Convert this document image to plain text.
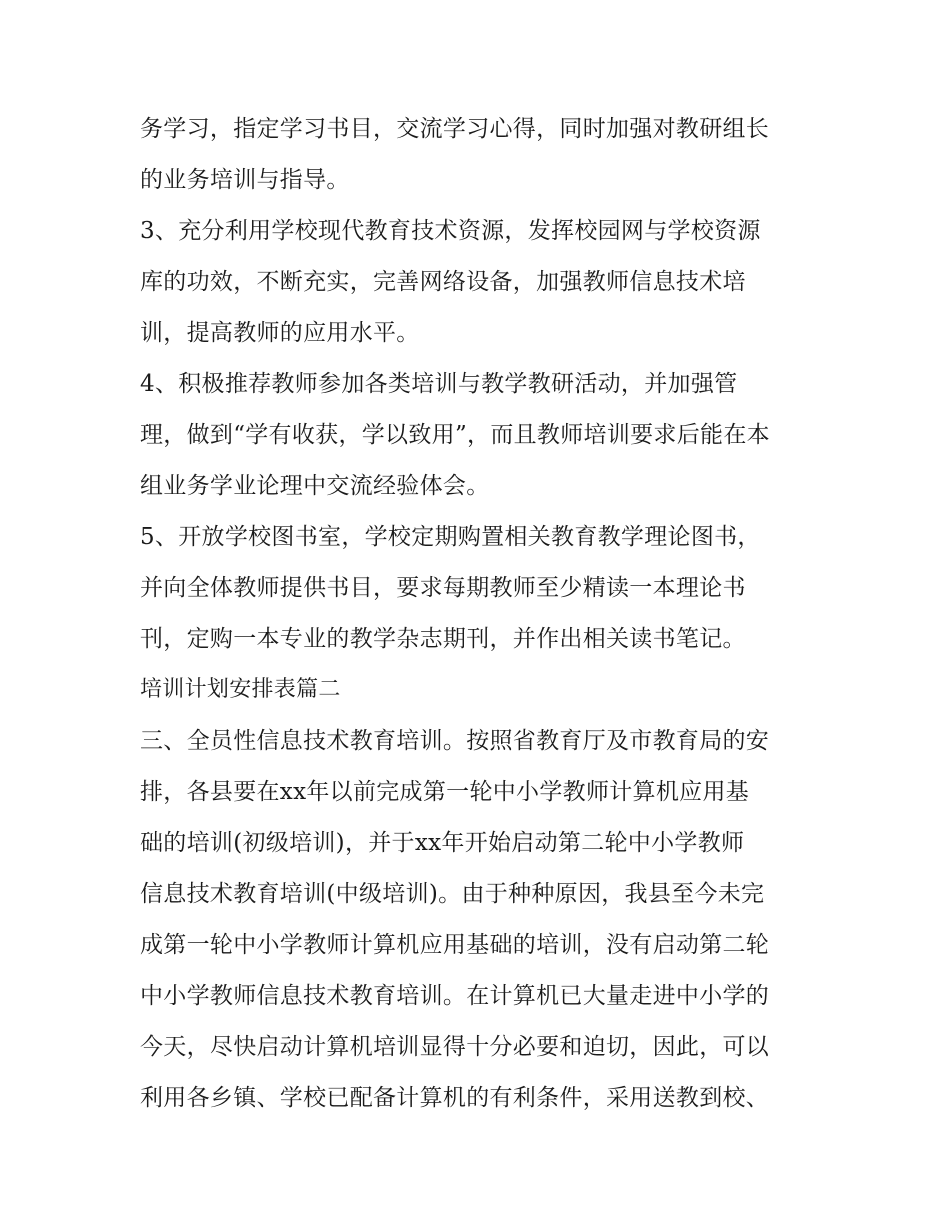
务学习，指定学习书目，交流学习心得，同时加强对教研组长
的业务培训与指导。
3、充分利用学校现代教育技术资源，发挥校园网与学校资源
库的功效，不断充实，完善网络设备，加强教师信息技术培
训，提高教师的应用水平。
4、积极推荐教师参加各类培训与教学教研活动，并加强管
理，做到“学有收获，学以致用”，而且教师培训要求后能在本
组业务学业论理中交流经验体会。
5、开放学校图书室，学校定期购置相关教育教学理论图书，
并向全体教师提供书目，要求每期教师至少精读一本理论书
刊，定购一本专业的教学杂志期刊，并作出相关读书笔记。
培训计划安排表篇二
三、全员性信息技术教育培训。按照省教育厅及市教育局的安
排，各县要在xx年以前完成第一轮中小学教师计算机应用基
础的培训(初级培训)，并于xx年开始启动第二轮中小学教师
信息技术教育培训(中级培训)。由于种种原因，我县至今未完
成第一轮中小学教师计算机应用基础的培训，没有启动第二轮
中小学教师信息技术教育培训。在计算机已大量走进中小学的
今天，尽快启动计算机培训显得十分必要和迫切，因此，可以
利用各乡镇、学校已配备计算机的有利条件，采用送教到校、
